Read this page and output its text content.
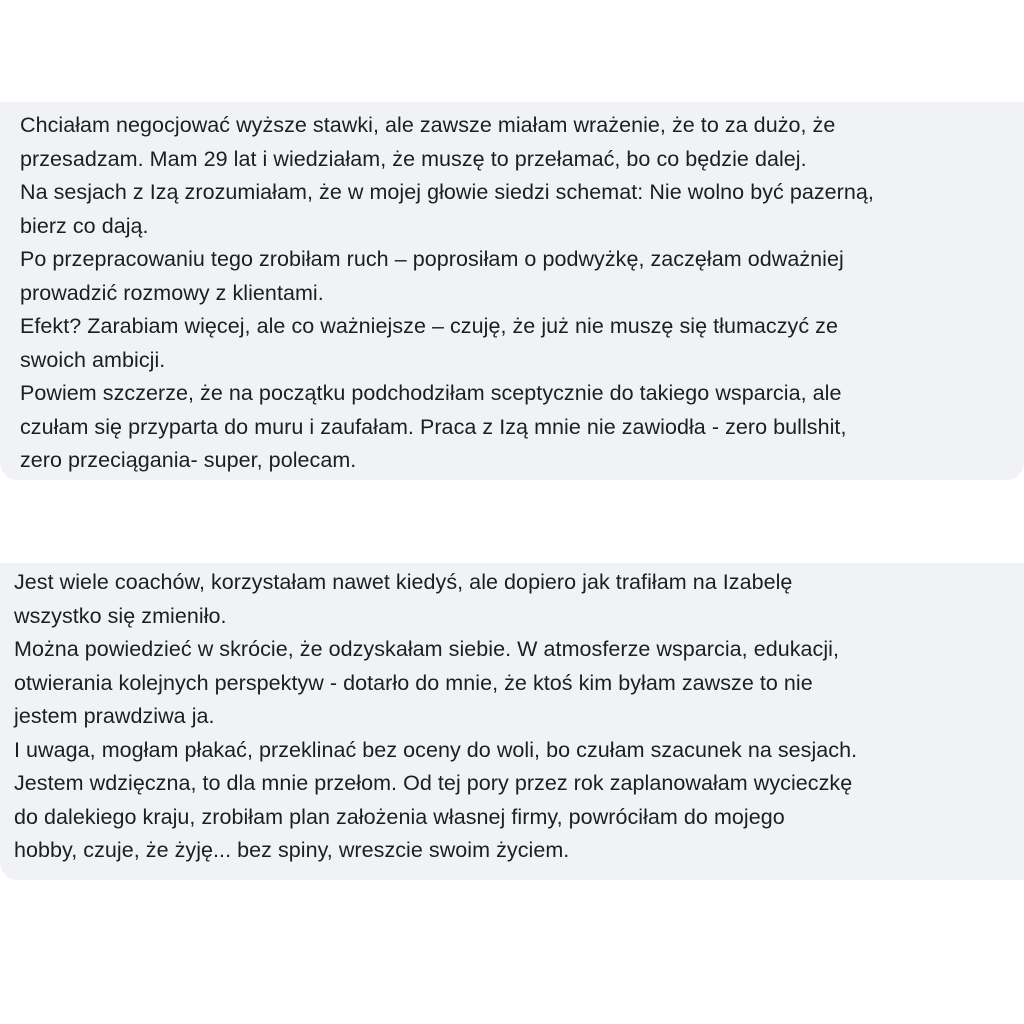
Chciałam negocjować wyższe stawki, ale zawsze miałam wrażenie, że to za dużo, że
przesadzam. Mam 29 lat i wiedziałam, że muszę to przełamać, bo co będzie dalej.
Na sesjach z Izą zrozumiałam, że w mojej głowie siedzi schemat: Nie wolno być pazerną,
bierz co dają.
Po przepracowaniu tego zrobiłam ruch – poprosiłam o podwyżkę, zaczęłam odważniej
prowadzić rozmowy z klientami.
Efekt? Zarabiam więcej, ale co ważniejsze – czuję, że już nie muszę się tłumaczyć ze
swoich ambicji.
Powiem szczerze, że na początku podchodziłam sceptycznie do takiego wsparcia, ale
czułam się przyparta do muru i zaufałam. Praca z Izą mnie nie zawiodła - zero bullshit,
zero przeciągania- super, polecam.
Jest wiele coachów, korzystałam nawet kiedyś, ale dopiero jak trafiłam na Izabelę
wszystko się zmieniło.
Można powiedzieć w skrócie, że odzyskałam siebie. W atmosferze wsparcia, edukacji,
otwierania kolejnych perspektyw - dotarło do mnie, że ktoś kim byłam zawsze to nie
jestem prawdziwa ja.
I uwaga, mogłam płakać, przeklinać bez oceny do woli, bo czułam szacunek na sesjach.
Jestem wdzięczna, to dla mnie przełom. Od tej pory przez rok zaplanowałam wycieczkę
do dalekiego kraju, zrobiłam plan założenia własnej firmy, powróciłam do mojego
hobby, czuje, że żyję... bez spiny, wreszcie swoim życiem.
